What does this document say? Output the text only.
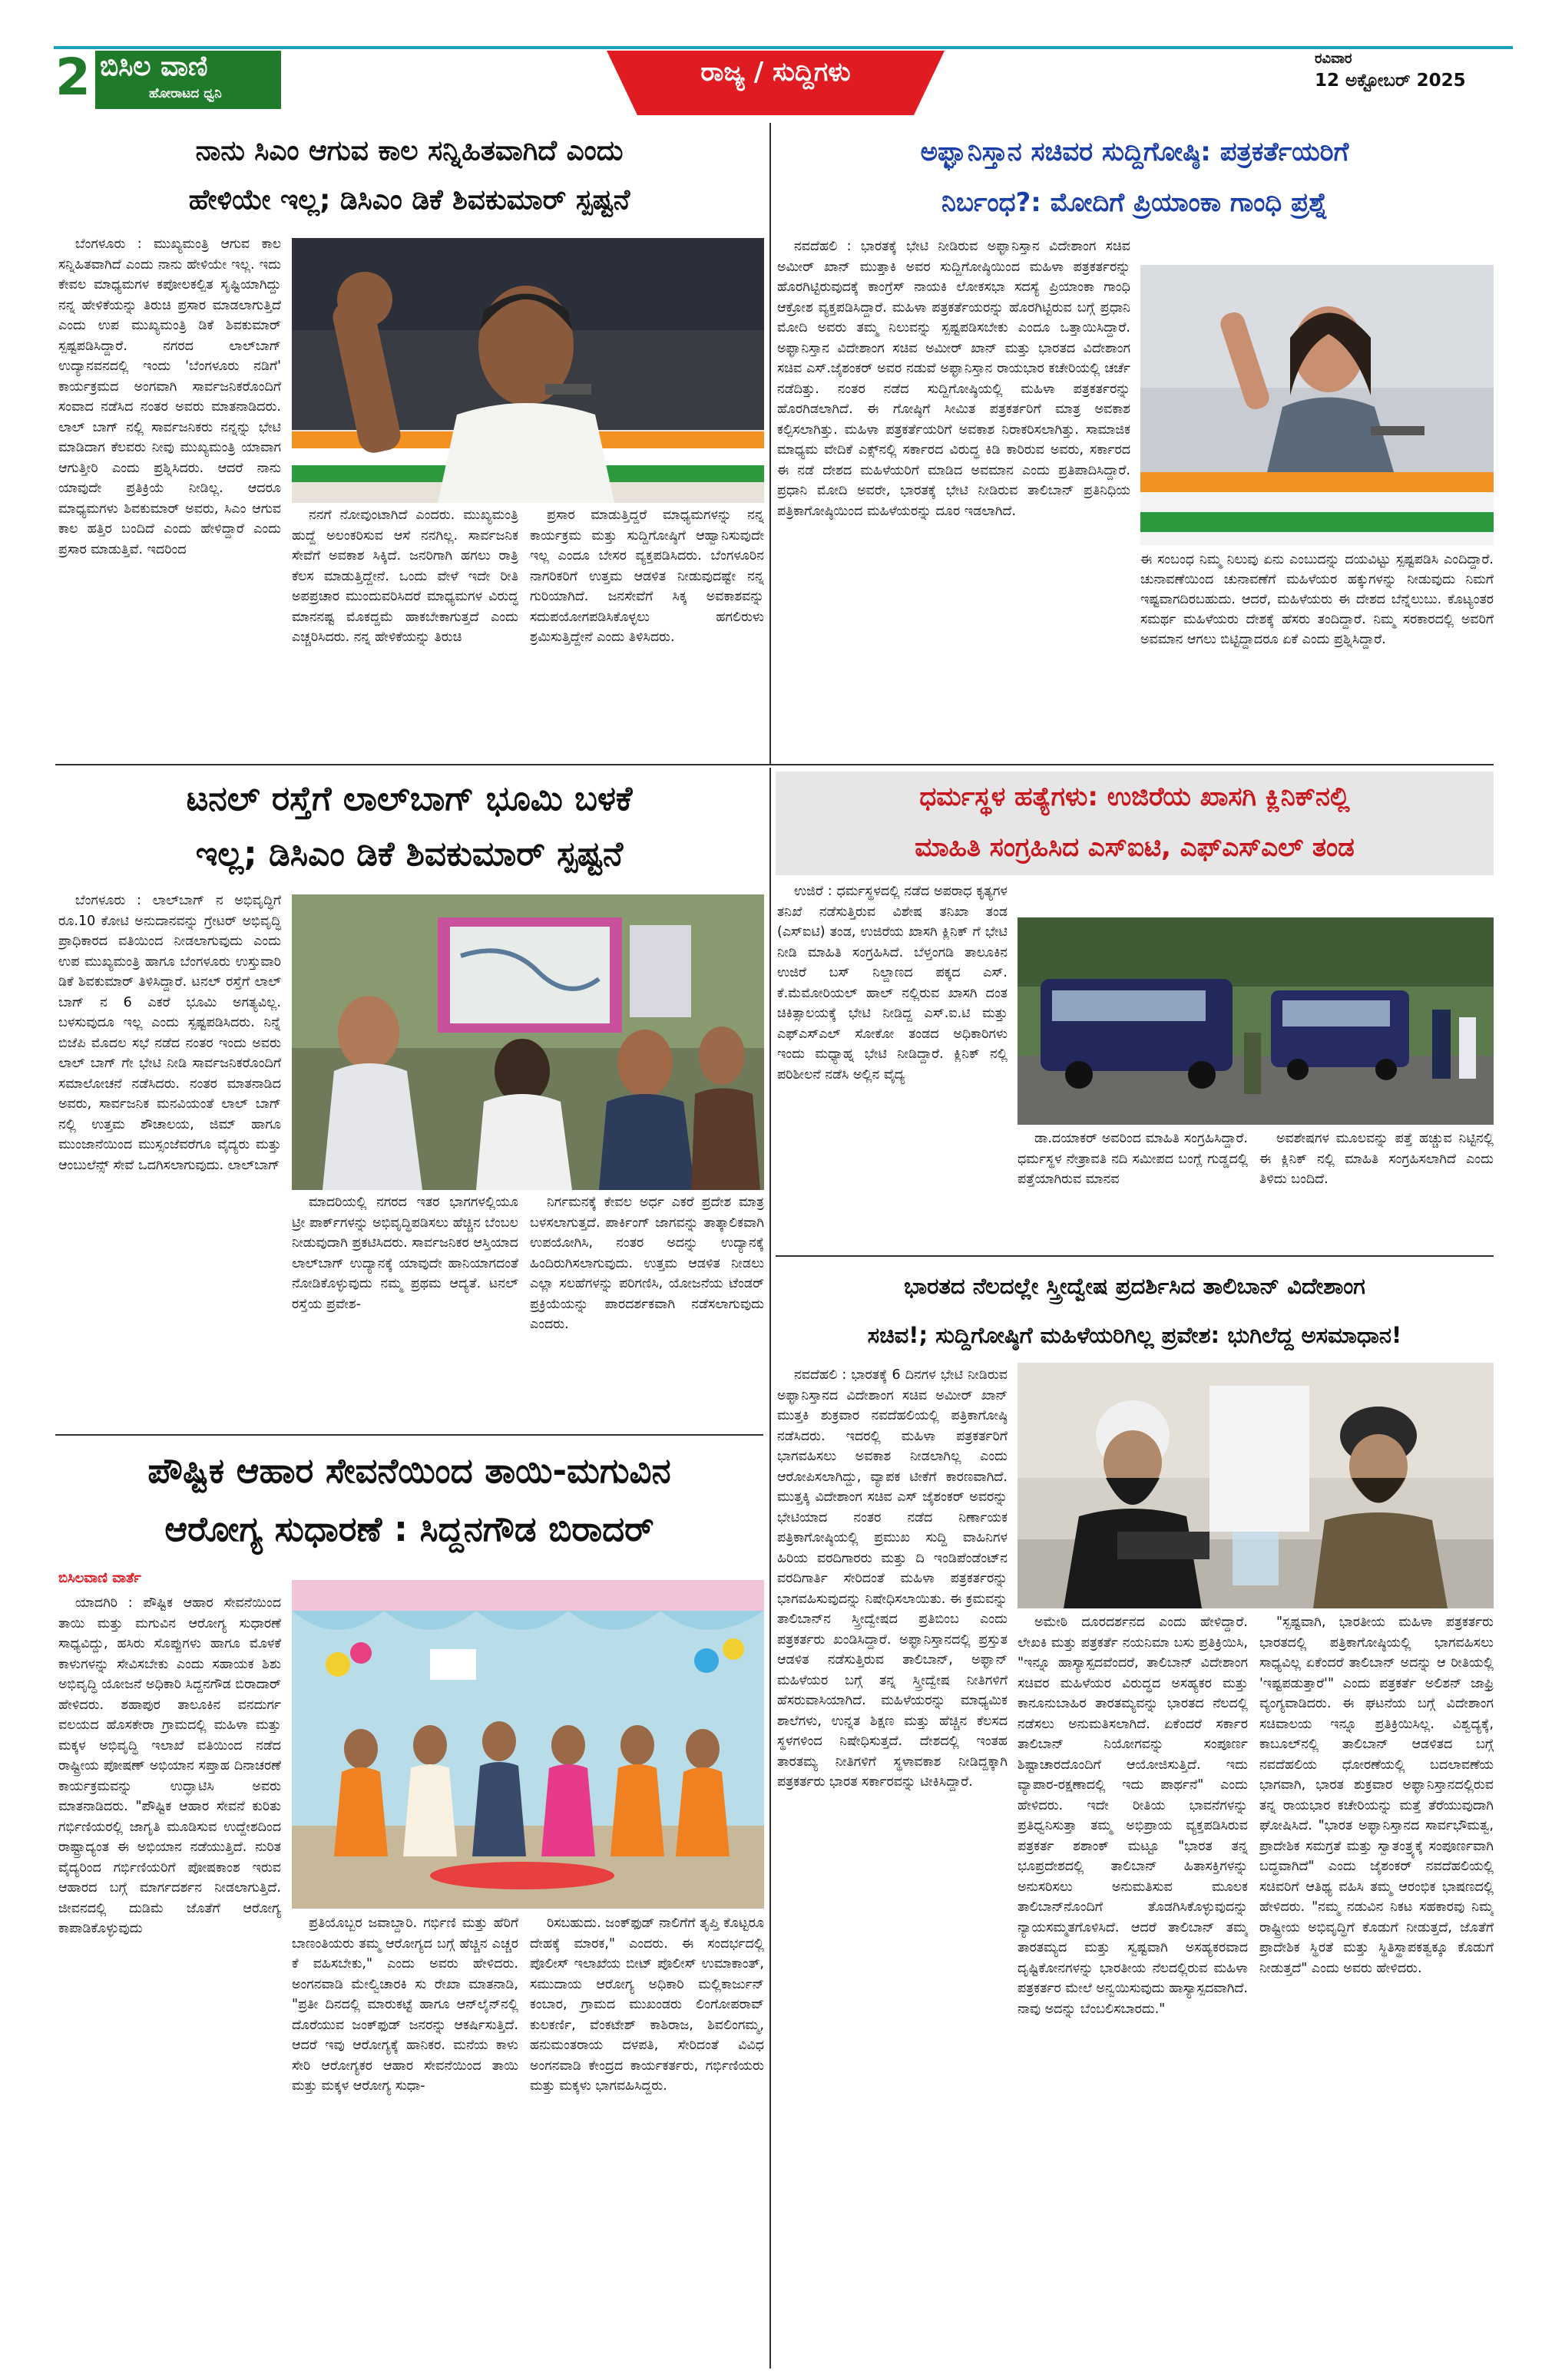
2 ಬಿಸಿಲ ವಾಣಿ
ಹೋರಾಟದ ಧ್ವನಿ
ರಾಜ್ಯ / ಸುದ್ದಿಗಳು	ರವಿವಾರ
12 ಅಕ್ಟೋಬರ್ 2025
ನಾನು ಸಿಎಂ ಆಗುವ ಕಾಲ ಸನ್ನಿಹಿತವಾಗಿದೆ ಎಂದು
ಹೇಳಿಯೇ ಇಲ್ಲ; ಡಿಸಿಎಂ ಡಿಕೆ ಶಿವಕುಮಾರ್ ಸ್ಪಷ್ಟನೆ

ಬೆಂಗಳೂರು : ಮುಖ್ಯಮಂತ್ರಿ ಆಗುವ ಕಾಲ ಸನ್ನಿಹಿತವಾಗಿದೆ ಎಂದು ನಾನು ಹೇಳಿಯೇ ಇಲ್ಲ. ಇದು ಕೇವಲ ಮಾಧ್ಯಮಗಳ ಕಪೋಲಕಲ್ಪಿತ ಸೃಷ್ಟಿಯಾಗಿದ್ದು ನನ್ನ ಹೇಳಿಕೆಯನ್ನು ತಿರುಚಿ ಪ್ರಸಾರ ಮಾಡಲಾಗುತ್ತಿದೆ ಎಂದು ಉಪ ಮುಖ್ಯಮಂತ್ರಿ ಡಿಕೆ ಶಿವಕುಮಾರ್ ಸ್ಪಷ್ಟಪಡಿಸಿದ್ದಾರೆ. ನಗರದ ಲಾಲ್‌ಬಾಗ್ ಉದ್ಯಾನವನದಲ್ಲಿ ಇಂದು 'ಬೆಂಗಳೂರು ನಡಿಗೆ' ಕಾರ್ಯಕ್ರಮದ ಅಂಗವಾಗಿ ಸಾರ್ವಜನಿಕರೊಂದಿಗೆ ಸಂವಾದ ನಡೆಸಿದ ನಂತರ ಅವರು ಮಾತನಾಡಿದರು. ಲಾಲ್ ಬಾಗ್ ನಲ್ಲಿ ಸಾರ್ವಜನಿಕರು ನನ್ನನ್ನು ಭೇಟಿ ಮಾಡಿದಾಗ ಕೆಲವರು ನೀವು ಮುಖ್ಯಮಂತ್ರಿ ಯಾವಾಗ ಆಗುತ್ತೀರಿ ಎಂದು ಪ್ರಶ್ನಿಸಿದರು. ಆದರೆ ನಾನು ಯಾವುದೇ ಪ್ರತಿಕ್ರಿಯೆ ನೀಡಿಲ್ಲ. ಆದರೂ ಮಾಧ್ಯಮಗಳು ಶಿವಕುಮಾರ್ ಅವರು, ಸಿಎಂ ಆಗುವ ಕಾಲ ಹತ್ತಿರ ಬಂದಿದೆ ಎಂದು ಹೇಳಿದ್ದಾರೆ ಎಂದು ಪ್ರಸಾರ ಮಾಡುತ್ತಿವೆ. ಇದರಿಂದ

ನನಗೆ ನೋವುಂಟಾಗಿದೆ ಎಂದರು. ಮುಖ್ಯಮಂತ್ರಿ ಹುದ್ದೆ ಅಲಂಕರಿಸುವ ಆಸೆ ನನಗಿಲ್ಲ. ಸಾರ್ವಜನಿಕ ಸೇವೆಗೆ ಅವಕಾಶ ಸಿಕ್ಕಿದೆ. ಜನರಿಗಾಗಿ ಹಗಲು ರಾತ್ರಿ ಕೆಲಸ ಮಾಡುತ್ತಿದ್ದೇನೆ. ಒಂದು ವೇಳೆ ಇದೇ ರೀತಿ ಅಪಪ್ರಚಾರ ಮುಂದುವರಿಸಿದರೆ ಮಾಧ್ಯಮಗಳ ವಿರುದ್ಧ ಮಾನನಷ್ಟ ಮೊಕದ್ದಮೆ ಹಾಕಬೇಕಾಗುತ್ತದೆ ಎಂದು ಎಚ್ಚರಿಸಿದರು. ನನ್ನ ಹೇಳಿಕೆಯನ್ನು ತಿರುಚಿ

ಪ್ರಸಾರ ಮಾಡುತ್ತಿದ್ದರೆ ಮಾಧ್ಯಮಗಳನ್ನು ನನ್ನ ಕಾರ್ಯಕ್ರಮ ಮತ್ತು ಸುದ್ದಿಗೋಷ್ಠಿಗೆ ಆಹ್ವಾನಿಸುವುದೇ ಇಲ್ಲ ಎಂದೂ ಬೇಸರ ವ್ಯಕ್ತಪಡಿಸಿದರು. ಬೆಂಗಳೂರಿನ ನಾಗರಿಕರಿಗೆ ಉತ್ತಮ ಆಡಳಿತ ನೀಡುವುದಷ್ಟೇ ನನ್ನ ಗುರಿಯಾಗಿದೆ. ಜನಸೇವೆಗೆ ಸಿಕ್ಕ ಅವಕಾಶವನ್ನು ಸದುಪಯೋಗಪಡಿಸಿಕೊಳ್ಳಲು ಹಗಲಿರುಳು ಶ್ರಮಿಸುತ್ತಿದ್ದೇನೆ ಎಂದು ತಿಳಿಸಿದರು.

ಅಫ್ಘಾನಿಸ್ತಾನ ಸಚಿವರ ಸುದ್ದಿಗೋಷ್ಠಿ: ಪತ್ರಕರ್ತೆಯರಿಗೆ
ನಿರ್ಬಂಧ?: ಮೋದಿಗೆ ಪ್ರಿಯಾಂಕಾ ಗಾಂಧಿ ಪ್ರಶ್ನೆ

ನವದೆಹಲಿ : ಭಾರತಕ್ಕೆ ಭೇಟಿ ನೀಡಿರುವ ಅಫ್ಘಾನಿಸ್ತಾನ ವಿದೇಶಾಂಗ ಸಚಿವ ಅಮೀರ್ ಖಾನ್ ಮುತ್ತಾಕಿ ಅವರ ಸುದ್ದಿಗೋಷ್ಠಿಯಿಂದ ಮಹಿಳಾ ಪತ್ರಕರ್ತರನ್ನು ಹೊರಗಿಟ್ಟಿರುವುದಕ್ಕೆ ಕಾಂಗ್ರೆಸ್ ನಾಯಕಿ ಲೋಕಸಭಾ ಸದಸ್ಯೆ ಪ್ರಿಯಾಂಕಾ ಗಾಂಧಿ ಆಕ್ರೋಶ ವ್ಯಕ್ತಪಡಿಸಿದ್ದಾರೆ. ಮಹಿಳಾ ಪತ್ರಕರ್ತೆಯರನ್ನು ಹೊರಗಿಟ್ಟಿರುವ ಬಗ್ಗೆ ಪ್ರಧಾನಿ ಮೋದಿ ಅವರು ತಮ್ಮ ನಿಲುವನ್ನು ಸ್ಪಷ್ಟಪಡಿಸಬೇಕು ಎಂದೂ ಒತ್ತಾಯಿಸಿದ್ದಾರೆ. ಅಫ್ಘಾನಿಸ್ತಾನ ವಿದೇಶಾಂಗ ಸಚಿವ ಅಮೀರ್ ಖಾನ್ ಮತ್ತು ಭಾರತದ ವಿದೇಶಾಂಗ ಸಚಿವ ಎಸ್.ಜೈಶಂಕರ್ ಅವರ ನಡುವೆ ಅಫ್ಘಾನಿಸ್ತಾನ ರಾಯಭಾರ ಕಚೇರಿಯಲ್ಲಿ ಚರ್ಚೆ ನಡೆದಿತ್ತು. ನಂತರ ನಡೆದ ಸುದ್ದಿಗೋಷ್ಠಿಯಲ್ಲಿ ಮಹಿಳಾ ಪತ್ರಕರ್ತರನ್ನು ಹೊರಗಿಡಲಾಗಿದೆ. ಈ ಗೋಷ್ಠಿಗೆ ಸೀಮಿತ ಪತ್ರಕರ್ತರಿಗೆ ಮಾತ್ರ ಅವಕಾಶ ಕಲ್ಪಿಸಲಾಗಿತ್ತು. ಮಹಿಳಾ ಪತ್ರಕರ್ತೆಯರಿಗೆ ಅವಕಾಶ ನಿರಾಕರಿಸಲಾಗಿತ್ತು. ಸಾಮಾಜಿಕ ಮಾಧ್ಯಮ ವೇದಿಕೆ ಎಕ್ಸ್‌ನಲ್ಲಿ ಸರ್ಕಾರದ ವಿರುದ್ಧ ಕಿಡಿ ಕಾರಿರುವ ಅವರು, ಸರ್ಕಾರದ ಈ ನಡೆ ದೇಶದ ಮಹಿಳೆಯರಿಗೆ ಮಾಡಿದ ಅವಮಾನ ಎಂದು ಪ್ರತಿಪಾದಿಸಿದ್ದಾರೆ. ಪ್ರಧಾನಿ ಮೋದಿ ಅವರೇ, ಭಾರತಕ್ಕೆ ಭೇಟಿ ನೀಡಿರುವ ತಾಲಿಬಾನ್ ಪ್ರತಿನಿಧಿಯ ಪತ್ರಿಕಾಗೋಷ್ಠಿಯಿಂದ ಮಹಿಳೆಯರನ್ನು ದೂರ ಇಡಲಾಗಿದೆ.

ಈ ಸಂಬಂಧ ನಿಮ್ಮ ನಿಲುವು ಏನು ಎಂಬುದನ್ನು ದಯವಿಟ್ಟು ಸ್ಪಷ್ಟಪಡಿಸಿ ಎಂದಿದ್ದಾರೆ. ಚುನಾವಣೆಯಿಂದ ಚುನಾವಣೆಗೆ ಮಹಿಳೆಯರ ಹಕ್ಕುಗಳನ್ನು ನೀಡುವುದು ನಿಮಗೆ ಇಷ್ಟವಾಗದಿರಬಹುದು. ಆದರೆ, ಮಹಿಳೆಯರು ಈ ದೇಶದ ಬೆನ್ನೆಲುಬು. ಕೊಟ್ಯಂತರ ಸಮರ್ಥ ಮಹಿಳೆಯರು ದೇಶಕ್ಕೆ ಹೆಸರು ತಂದಿದ್ದಾರೆ. ನಿಮ್ಮ ಸರಕಾರದಲ್ಲಿ ಅವರಿಗೆ ಅವಮಾನ ಆಗಲು ಬಿಟ್ಟಿದ್ದಾದರೂ ಏಕೆ ಎಂದು ಪ್ರಶ್ನಿಸಿದ್ದಾರೆ.
ಟನಲ್ ರಸ್ತೆಗೆ ಲಾಲ್‌ಬಾಗ್ ಭೂಮಿ ಬಳಕೆ
ಇಲ್ಲ; ಡಿಸಿಎಂ ಡಿಕೆ ಶಿವಕುಮಾರ್ ಸ್ಪಷ್ಟನೆ

ಬೆಂಗಳೂರು : ಲಾಲ್‌ಬಾಗ್ ನ ಅಭಿವೃದ್ಧಿಗೆ ರೂ.10 ಕೋಟಿ ಅನುದಾನವನ್ನು ಗ್ರೇಟರ್ ಅಭಿವೃದ್ಧಿ ಪ್ರಾಧಿಕಾರದ ವತಿಯಿಂದ ನೀಡಲಾಗುವುದು ಎಂದು ಉಪ ಮುಖ್ಯಮಂತ್ರಿ ಹಾಗೂ ಬೆಂಗಳೂರು ಉಸ್ತುವಾರಿ ಡಿಕೆ ಶಿವಕುಮಾರ್ ತಿಳಿಸಿದ್ದಾರೆ. ಟನಲ್ ರಸ್ತೆಗೆ ಲಾಲ್ ಬಾಗ್ ನ 6 ಎಕರೆ ಭೂಮಿ ಅಗತ್ಯವಿಲ್ಲ. ಬಳಸುವುದೂ ಇಲ್ಲ ಎಂದು ಸ್ಪಷ್ಟಪಡಿಸಿದರು. ನಿನ್ನೆ ಬಿಜೆಪಿ ಮೊದಲ ಸಭೆ ನಡೆದ ನಂತರ ಇಂದು ಅವರು ಲಾಲ್ ಬಾಗ್ ಗೇ ಭೇಟಿ ನೀಡಿ ಸಾರ್ವಜನಿಕರೊಂದಿಗೆ ಸಮಾಲೋಚನೆ ನಡೆಸಿದರು. ನಂತರ ಮಾತನಾಡಿದ ಅವರು, ಸಾರ್ವಜನಿಕ ಮನವಿಯಂತೆ ಲಾಲ್ ಬಾಗ್ ನಲ್ಲಿ ಉತ್ತಮ ಶೌಚಾಲಯ, ಜಿಮ್ ಹಾಗೂ ಮುಂಜಾನೆಯಿಂದ ಮುಸ್ಸಂಜೆವರೆಗೂ ವೈದ್ಯರು ಮತ್ತು ಆಂಬುಲೆನ್ಸ್ ಸೇವೆ ಒದಗಿಸಲಾಗುವುದು. ಲಾಲ್‌ಬಾಗ್

ಮಾದರಿಯಲ್ಲಿ ನಗರದ ಇತರ ಭಾಗಗಳಲ್ಲಿಯೂ ಟ್ರೀ ಪಾರ್ಕ್‌ಗಳನ್ನು ಅಭಿವೃದ್ಧಿಪಡಿಸಲು ಹೆಚ್ಚಿನ ಬೆಂಬಲ ನೀಡುವುದಾಗಿ ಪ್ರಕಟಿಸಿದರು. ಸಾರ್ವಜನಿಕರ ಆಸ್ತಿಯಾದ ಲಾಲ್‌ಬಾಗ್ ಉದ್ಯಾನಕ್ಕೆ ಯಾವುದೇ ಹಾನಿಯಾಗದಂತೆ ನೋಡಿಕೊಳ್ಳುವುದು ನಮ್ಮ ಪ್ರಥಮ ಆದ್ಯತೆ. ಟನಲ್ ರಸ್ತೆಯ ಪ್ರವೇಶ-

ನಿರ್ಗಮನಕ್ಕೆ ಕೇವಲ ಅರ್ಧ ಎಕರೆ ಪ್ರದೇಶ ಮಾತ್ರ ಬಳಸಲಾಗುತ್ತದೆ. ಪಾರ್ಕಿಂಗ್ ಜಾಗವನ್ನು ತಾತ್ಕಾಲಿಕವಾಗಿ ಉಪಯೋಗಿಸಿ, ನಂತರ ಅದನ್ನು ಉದ್ಯಾನಕ್ಕೆ ಹಿಂದಿರುಗಿಸಲಾಗುವುದು. ಉತ್ತಮ ಆಡಳಿತ ನೀಡಲು ಎಲ್ಲಾ ಸಲಹೆಗಳನ್ನು ಪರಿಗಣಿಸಿ, ಯೋಜನೆಯ ಟೆಂಡರ್ ಪ್ರಕ್ರಿಯೆಯನ್ನು ಪಾರದರ್ಶಕವಾಗಿ ನಡೆಸಲಾಗುವುದು ಎಂದರು.

ಧರ್ಮಸ್ಥಳ ಹತ್ಯೆಗಳು: ಉಜಿರೆಯ ಖಾಸಗಿ ಕ್ಲಿನಿಕ್‌ನಲ್ಲಿ
ಮಾಹಿತಿ ಸಂಗ್ರಹಿಸಿದ ಎಸ್‌ಐಟಿ, ಎಫ್‌ಎಸ್‌ಎಲ್ ತಂಡ

ಉಜಿರೆ : ಧರ್ಮಸ್ಥಳದಲ್ಲಿ ನಡೆದ ಅಪರಾಧ ಕೃತ್ಯಗಳ ತನಿಖೆ ನಡೆಸುತ್ತಿರುವ ವಿಶೇಷ ತನಿಖಾ ತಂಡ (ಎಸ್‌ಐಟಿ) ತಂಡ, ಉಜಿರೆಯ ಖಾಸಗಿ ಕ್ಲಿನಿಕ್ ಗೆ ಭೇಟಿ ನೀಡಿ ಮಾಹಿತಿ ಸಂಗ್ರಹಿಸಿದೆ. ಬೆಳ್ತಂಗಡಿ ತಾಲೂಕಿನ ಉಜಿರೆ ಬಸ್ ನಿಲ್ದಾಣದ ಪಕ್ಕದ ಎಸ್. ಕೆ.ಮೆಮೋರಿಯಲ್ ಹಾಲ್ ನಲ್ಲಿರುವ ಖಾಸಗಿ ದಂತ ಚಿಕಿತ್ಸಾಲಯಕ್ಕೆ ಭೇಟಿ ನೀಡಿದ್ದ ಎಸ್.ಐ.ಟಿ ಮತ್ತು ಎಫ್‌ಎಸ್‌ಎಲ್ ಸೋಕೋ ತಂಡದ ಅಧಿಕಾರಿಗಳು ಇಂದು ಮಧ್ಯಾಹ್ನ ಭೇಟಿ ನೀಡಿದ್ದಾರೆ. ಕ್ಲಿನಿಕ್ ನಲ್ಲಿ ಪರಿಶೀಲನೆ ನಡೆಸಿ ಅಲ್ಲಿನ ವೈದ್ಯ

ಡಾ.ದಯಾಕರ್ ಅವರಿಂದ ಮಾಹಿತಿ ಸಂಗ್ರಹಿಸಿದ್ದಾರೆ. ಧರ್ಮಸ್ಥಳ ನೇತ್ರಾವತಿ ನದಿ ಸಮೀಪದ ಬಂಗ್ಲೆ ಗುಡ್ಡದಲ್ಲಿ ಪತ್ತೆಯಾಗಿರುವ ಮಾನವ

ಅವಶೇಷಗಳ ಮೂಲವನ್ನು ಪತ್ತೆ ಹಚ್ಚುವ ನಿಟ್ಟಿನಲ್ಲಿ ಈ ಕ್ಲಿನಿಕ್ ನಲ್ಲಿ ಮಾಹಿತಿ ಸಂಗ್ರಹಿಸಲಾಗಿದೆ ಎಂದು ತಿಳಿದು ಬಂದಿದೆ.

ಭಾರತದ ನೆಲದಲ್ಲೇ ಸ್ತ್ರೀದ್ವೇಷ ಪ್ರದರ್ಶಿಸಿದ ತಾಲಿಬಾನ್ ವಿದೇಶಾಂಗ
ಸಚಿವ!; ಸುದ್ದಿಗೋಷ್ಠಿಗೆ ಮಹಿಳೆಯರಿಗಿಲ್ಲ ಪ್ರವೇಶ: ಭುಗಿಲೆದ್ದ ಅಸಮಾಧಾನ!

ನವದೆಹಲಿ : ಭಾರತಕ್ಕೆ 6 ದಿನಗಳ ಭೇಟಿ ನೀಡಿರುವ ಅಫ್ಘಾನಿಸ್ತಾನದ ವಿದೇಶಾಂಗ ಸಚಿವ ಅಮೀರ್ ಖಾನ್ ಮುತ್ತಕಿ ಶುಕ್ರವಾರ ನವದೆಹಲಿಯಲ್ಲಿ ಪತ್ರಿಕಾಗೋಷ್ಠಿ ನಡೆಸಿದರು. ಇದರಲ್ಲಿ ಮಹಿಳಾ ಪತ್ರಕರ್ತರಿಗೆ ಭಾಗವಹಿಸಲು ಅವಕಾಶ ನೀಡಲಾಗಿಲ್ಲ ಎಂದು ಆರೋಪಿಸಲಾಗಿದ್ದು, ವ್ಯಾಪಕ ಟೀಕೆಗೆ ಕಾರಣವಾಗಿದೆ. ಮುತ್ತಕ್ಕಿ ವಿದೇಶಾಂಗ ಸಚಿವ ಎಸ್ ಜೈಶಂಕರ್ ಅವರನ್ನು ಭೇಟಿಯಾದ ನಂತರ ನಡೆದ ನಿರ್ಣಾಯಕ ಪತ್ರಿಕಾಗೋಷ್ಠಿಯಲ್ಲಿ ಪ್ರಮುಖ ಸುದ್ದಿ ವಾಹಿನಿಗಳ ಹಿರಿಯ ವರದಿಗಾರರು ಮತ್ತು ದಿ ಇಂಡಿಪೆಂಡೆಂಟ್‌ನ ವರದಿಗಾರ್ತಿ ಸೇರಿದಂತೆ ಮಹಿಳಾ ಪತ್ರಕರ್ತರನ್ನು ಭಾಗವಹಿಸುವುದನ್ನು ನಿಷೇಧಿಸಲಾಯಿತು. ಈ ಕ್ರಮವನ್ನು ತಾಲಿಬಾನ್‌ನ ಸ್ತ್ರೀದ್ವೇಷದ ಪ್ರತಿಬಿಂಬ ಎಂದು ಪತ್ರಕರ್ತರು ಖಂಡಿಸಿದ್ದಾರೆ. ಅಫ್ಘಾನಿಸ್ತಾನದಲ್ಲಿ ಪ್ರಸ್ತುತ ಆಡಳಿತ ನಡೆಸುತ್ತಿರುವ ತಾಲಿಬಾನ್, ಅಫ್ಘಾನ್ ಮಹಿಳೆಯರ ಬಗ್ಗೆ ತನ್ನ ಸ್ತ್ರೀದ್ವೇಷ ನೀತಿಗಳಿಗೆ ಹೆಸರುವಾಸಿಯಾಗಿದೆ. ಮಹಿಳೆಯರನ್ನು ಮಾಧ್ಯಮಿಕ ಶಾಲೆಗಳು, ಉನ್ನತ ಶಿಕ್ಷಣ ಮತ್ತು ಹೆಚ್ಚಿನ ಕೆಲಸದ ಸ್ಥಳಗಳಿಂದ ನಿಷೇಧಿಸುತ್ತದೆ. ದೇಶದಲ್ಲಿ ಇಂತಹ ತಾರತಮ್ಯ ನೀತಿಗಳಿಗೆ ಸ್ಥಳಾವಕಾಶ ನೀಡಿದ್ದಕ್ಕಾಗಿ ಪತ್ರಕರ್ತರು ಭಾರತ ಸರ್ಕಾರವನ್ನು ಟೀಕಿಸಿದ್ದಾರೆ.

ಅಮೇಠಿ ದೂರದರ್ಶನದ ಎಂದು ಹೇಳಿದ್ದಾರೆ. ಲೇಖಕಿ ಮತ್ತು ಪತ್ರಕರ್ತೆ ನಯನಿಮಾ ಬಸು ಪ್ರತಿಕ್ರಿಯಿಸಿ, "ಇನ್ನೂ ಹಾಸ್ಯಾಸ್ಪದವೆಂದರೆ, ತಾಲಿಬಾನ್ ವಿದೇಶಾಂಗ ಸಚಿವರ ಮಹಿಳೆಯರ ವಿರುದ್ಧದ ಅಸಹ್ಯಕರ ಮತ್ತು ಕಾನೂನುಬಾಹಿರ ತಾರತಮ್ಯವನ್ನು ಭಾರತದ ನೆಲದಲ್ಲಿ ನಡೆಸಲು ಅನುಮತಿಸಲಾಗಿದೆ. ಏಕೆಂದರೆ ಸರ್ಕಾರ ತಾಲಿಬಾನ್ ನಿಯೋಗವನ್ನು ಸಂಪೂರ್ಣ ಶಿಷ್ಟಾಚಾರದೊಂದಿಗೆ ಆಯೋಜಿಸುತ್ತಿದೆ. ಇದು ವ್ಯಾಪಾರ-ರಕ್ಷಣಾದಲ್ಲಿ ಇದು ಪಾರ್ಥನೆ" ಎಂದು ಹೇಳಿದರು. ಇದೇ ರೀತಿಯ ಭಾವನೆಗಳನ್ನು ಪ್ರತಿಧ್ವನಿಸುತ್ತಾ ತಮ್ಮ ಅಭಿಪ್ರಾಯ ವ್ಯಕ್ತಪಡಿಸಿರುವ ಪತ್ರಕರ್ತ ಶಶಾಂಕ್ ಮಟ್ಟೂ "ಭಾರತ ತನ್ನ ಭೂಪ್ರದೇಶದಲ್ಲಿ ತಾಲಿಬಾನ್ ಹಿತಾಸಕ್ತಿಗಳನ್ನು ಅನುಸರಿಸಲು ಅನುಮತಿಸುವ ಮೂಲಕ ತಾಲಿಬಾನ್‌ನೊಂದಿಗೆ ತೊಡಗಿಸಿಕೊಳ್ಳುವುದನ್ನು ನ್ಯಾಯಸಮ್ಮತಗೊಳಿಸಿದೆ. ಆದರೆ ತಾಲಿಬಾನ್ ತಮ್ಮ ತಾರತಮ್ಯದ ಮತ್ತು ಸ್ವಷ್ಟವಾಗಿ ಅಸಹ್ಯಕರವಾದ ದೃಷ್ಟಿಕೋನಗಳನ್ನು ಭಾರತೀಯ ನೆಲದಲ್ಲಿರುವ ಮಹಿಳಾ ಪತ್ರಕರ್ತರ ಮೇಲೆ ಅನ್ವಯಿಸುವುದು ಹಾಸ್ಯಾಸ್ಪದವಾಗಿದೆ. ನಾವು ಅದನ್ನು ಬೆಂಬಲಿಸಬಾರದು."

"ಸ್ಪಷ್ಟವಾಗಿ, ಭಾರತೀಯ ಮಹಿಳಾ ಪತ್ರಕರ್ತರು ಭಾರತದಲ್ಲಿ ಪತ್ರಿಕಾಗೋಷ್ಠಿಯಲ್ಲಿ ಭಾಗವಹಿಸಲು ಸಾಧ್ಯವಿಲ್ಲ ಏಕೆಂದರೆ ತಾಲಿಬಾನ್ ಅದನ್ನು ಆ ರೀತಿಯಲ್ಲಿ 'ಇಷ್ಟಪಡುತ್ತಾರೆ'" ಎಂದು ಪತ್ರಕರ್ತೆ ಅಲಿಶನ್ ಜಾಫ್ರಿ ವ್ಯಂಗ್ಯವಾಡಿದರು. ಈ ಘಟನೆಯ ಬಗ್ಗೆ ವಿದೇಶಾಂಗ ಸಚಿವಾಲಯ ಇನ್ನೂ ಪ್ರತಿಕ್ರಿಯಿಸಿಲ್ಲ. ವಿಶ್ವದ್ಯಕ್ಕೆ, ಕಾಬೂಲ್‌ನಲ್ಲಿ ತಾಲಿಬಾನ್ ಆಡಳಿತದ ಬಗ್ಗೆ ನವದೆಹಲಿಯ ಧೋರಣೆಯಲ್ಲಿ ಬದಲಾವಣೆಯ ಭಾಗವಾಗಿ, ಭಾರತ ಶುಕ್ರವಾರ ಅಫ್ಘಾನಿಸ್ತಾನದಲ್ಲಿರುವ ತನ್ನ ರಾಯಭಾರ ಕಚೇರಿಯನ್ನು ಮತ್ತೆ ತೆರೆಯುವುದಾಗಿ ಘೋಷಿಸಿದೆ. "ಭಾರತ ಅಫ್ಘಾನಿಸ್ತಾನದ ಸಾರ್ವಭೌಮತ್ವ, ಪ್ರಾದೇಶಿಕ ಸಮಗ್ರತೆ ಮತ್ತು ಸ್ವಾತಂತ್ರ್ಯಕ್ಕೆ ಸಂಪೂರ್ಣವಾಗಿ ಬದ್ಧವಾಗಿದೆ" ಎಂದು ಜೈಶಂಕರ್ ನವದೆಹಲಿಯಲ್ಲಿ ಸಚಿವರಿಗೆ ಆತಿಥ್ಯ ವಹಿಸಿ ತಮ್ಮ ಆರಂಭಿಕ ಭಾಷಣದಲ್ಲಿ ಹೇಳಿದರು. "ನಮ್ಮ ನಡುವಿನ ನಿಕಟ ಸಹಕಾರವು ನಿಮ್ಮ ರಾಷ್ಟ್ರೀಯ ಅಭಿವೃದ್ಧಿಗೆ ಕೊಡುಗೆ ನೀಡುತ್ತದೆ, ಜೊತೆಗೆ ಪ್ರಾದೇಶಿಕ ಸ್ಥಿರತೆ ಮತ್ತು ಸ್ಥಿತಿಸ್ಥಾಪಕತ್ವಕ್ಕೂ ಕೊಡುಗೆ ನೀಡುತ್ತದೆ" ಎಂದು ಅವರು ಹೇಳಿದರು.

ಪೌಷ್ಟಿಕ ಆಹಾರ ಸೇವನೆಯಿಂದ ತಾಯಿ-ಮಗುವಿನ
ಆರೋಗ್ಯ ಸುಧಾರಣೆ : ಸಿದ್ದನಗೌಡ ಬಿರಾದರ್
ಬಿಸಿಲವಾಣಿ ವಾರ್ತೆ

ಯಾದಗಿರಿ : ಪೌಷ್ಟಿಕ ಆಹಾರ ಸೇವನೆಯಿಂದ ತಾಯಿ ಮತ್ತು ಮಗುವಿನ ಆರೋಗ್ಯ ಸುಧಾರಣೆ ಸಾಧ್ಯವಿದ್ದು, ಹಸಿರು ಸೊಪ್ಪುಗಳು ಹಾಗೂ ಮೊಳಕೆ ಕಾಳುಗಳನ್ನು ಸೇವಿಸಬೇಕು ಎಂದು ಸಹಾಯಕ ಶಿಶು ಅಭಿವೃದ್ಧಿ ಯೋಜನೆ ಅಧಿಕಾರಿ ಸಿದ್ದನಗೌಡ ಬಿರಾದಾರ್ ಹೇಳಿದರು. ಶಹಾಪುರ ತಾಲೂಕಿನ ವನದುರ್ಗ ವಲಯದ ಹೊಸಕೇರಾ ಗ್ರಾಮದಲ್ಲಿ ಮಹಿಳಾ ಮತ್ತು ಮಕ್ಕಳ ಅಭಿವೃದ್ಧಿ ಇಲಾಖೆ ವತಿಯಿಂದ ನಡೆದ ರಾಷ್ಟ್ರೀಯ ಪೋಷಣ್ ಅಭಿಯಾನ ಸಪ್ತಾಹ ದಿನಾಚರಣೆ ಕಾರ್ಯಕ್ರಮವನ್ನು ಉದ್ಘಾಟಿಸಿ ಅವರು ಮಾತನಾಡಿದರು. "ಪೌಷ್ಟಿಕ ಆಹಾರ ಸೇವನೆ ಕುರಿತು ಗರ್ಭಿಣಿಯರಲ್ಲಿ ಜಾಗೃತಿ ಮೂಡಿಸುವ ಉದ್ದೇಶದಿಂದ ರಾಷ್ಟ್ರಾದ್ಯಂತ ಈ ಅಭಿಯಾನ ನಡೆಯುತ್ತಿದೆ. ನುರಿತ ವೈದ್ಯರಿಂದ ಗರ್ಭಿಣಿಯರಿಗೆ ಪೋಷಕಾಂಶ ಇರುವ ಆಹಾರದ ಬಗ್ಗೆ ಮಾರ್ಗದರ್ಶನ ನೀಡಲಾಗುತ್ತಿದೆ. ಜೀವನದಲ್ಲಿ ದುಡಿಮೆ ಜೊತೆಗೆ ಆರೋಗ್ಯ ಕಾಪಾಡಿಕೊಳ್ಳುವುದು	ಪ್ರತಿಯೊಬ್ಬರ ಜವಾಬ್ದಾರಿ. ಗರ್ಭಿಣಿ ಮತ್ತು ಹೆರಿಗೆ ಬಾಣಂತಿಯರು ತಮ್ಮ ಆರೋಗ್ಯದ ಬಗ್ಗೆ ಹೆಚ್ಚಿನ ಎಚ್ಚರ ಕೆ ವಹಿಸಬೇಕು," ಎಂದು ಅವರು ಹೇಳಿದರು. ಅಂಗನವಾಡಿ ಮೇಲ್ವಿಚಾರಕಿ ಸು ರೇಖಾ ಮಾತನಾಡಿ, "ಪ್ರತೀ ದಿನದಲ್ಲಿ ಮಾರುಕಟ್ಟೆ ಹಾಗೂ ಆನ್‌ಲೈನ್‌ನಲ್ಲಿ ದೊರೆಯುವ ಜಂಕ್‌ಫುಡ್ ಜನರನ್ನು ಆಕರ್ಷಿಸುತ್ತಿದೆ. ಆದರೆ ಇವು ಆರೋಗ್ಯಕ್ಕೆ ಹಾನಿಕರ. ಮನೆಯ ಕಾಳು ಸೇರಿ ಆರೋಗ್ಯಕರ ಆಹಾರ ಸೇವನೆಯಿಂದ ತಾಯಿ ಮತ್ತು ಮಕ್ಕಳ ಆರೋಗ್ಯ ಸುಧಾ-

ರಿಸಬಹುದು. ಜಂಕ್‌ಫುಡ್ ನಾಲಿಗೆಗೆ ತೃಪ್ತಿ ಕೊಟ್ಟರೂ ದೇಹಕ್ಕೆ ಮಾರಕ," ಎಂದರು. ಈ ಸಂದರ್ಭದಲ್ಲಿ ಪೊಲೀಸ್ ಇಲಾಖೆಯ ಬೀಟ್ ಪೊಲೀಸ್ ಉಮಾಕಾಂತ್, ಸಮುದಾಯ ಆರೋಗ್ಯ ಅಧಿಕಾರಿ ಮಲ್ಲಿಕಾರ್ಜುನ್ ಕಂಬಾರ, ಗ್ರಾಮದ ಮುಖಂಡರು ಲಿಂಗೋಪರಾವ್ ಕುಲಕರ್ಣಿ, ವೆಂಕಟೇಶ್ ಕಾಶಿರಾಜ, ಶಿವಲಿಂಗಮ್ಮ, ಹನುಮಂತರಾಯ ದಳಪತಿ, ಸೇರಿದಂತೆ ವಿವಿಧ ಅಂಗನವಾಡಿ ಕೇಂದ್ರದ ಕಾರ್ಯಕರ್ತರು, ಗರ್ಭಿಣಿಯರು ಮತ್ತು ಮಕ್ಕಳು ಭಾಗವಹಿಸಿದ್ದರು.
